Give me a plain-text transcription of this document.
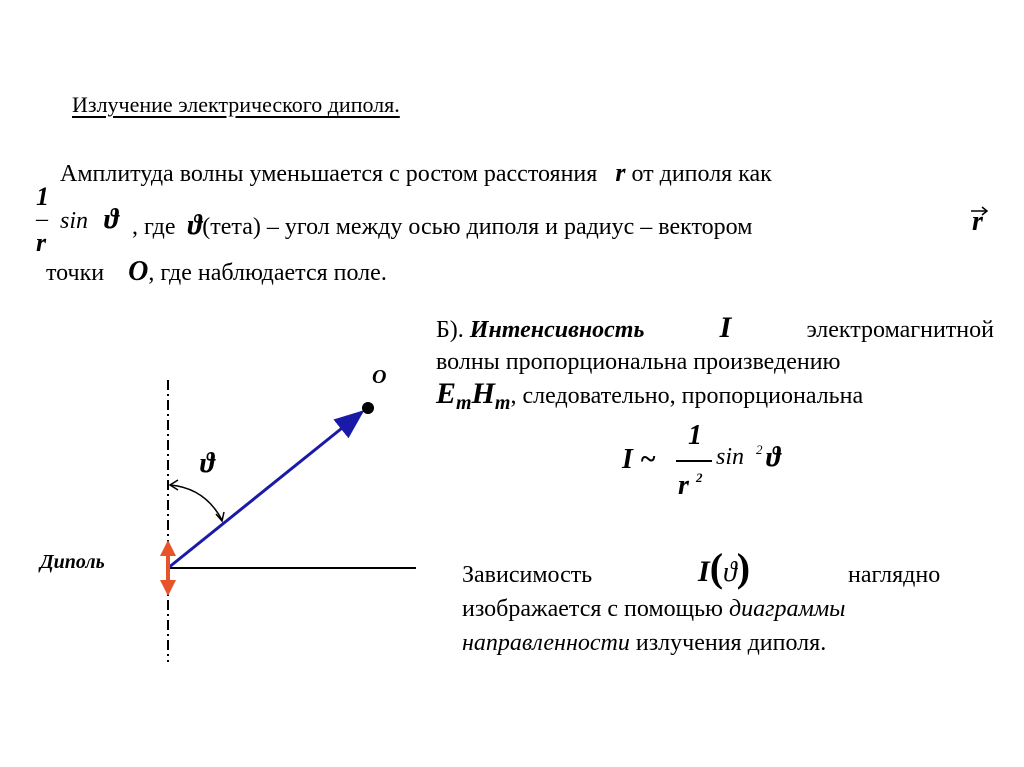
Излучение электрического диполя.
Амплитуда волны уменьшается с ростом расстояния r от диполя как
1
–
r
sin ϑ , где ϑ(тета) – угол между осью диполя и радиус – вектором	r
точки O, где наблюдается поле.
Б). Интенсивность	I	электромагнитной
волны пропорциональна произведению
$E_mH_m$, следовательно, пропорциональна
I ~
1
r 2
sin 2 ϑ
Зависимость	I(ϑ)	наглядно
изображается с помощью диаграммы
направленности излучения диполя.
O
ϑ
Диполь
